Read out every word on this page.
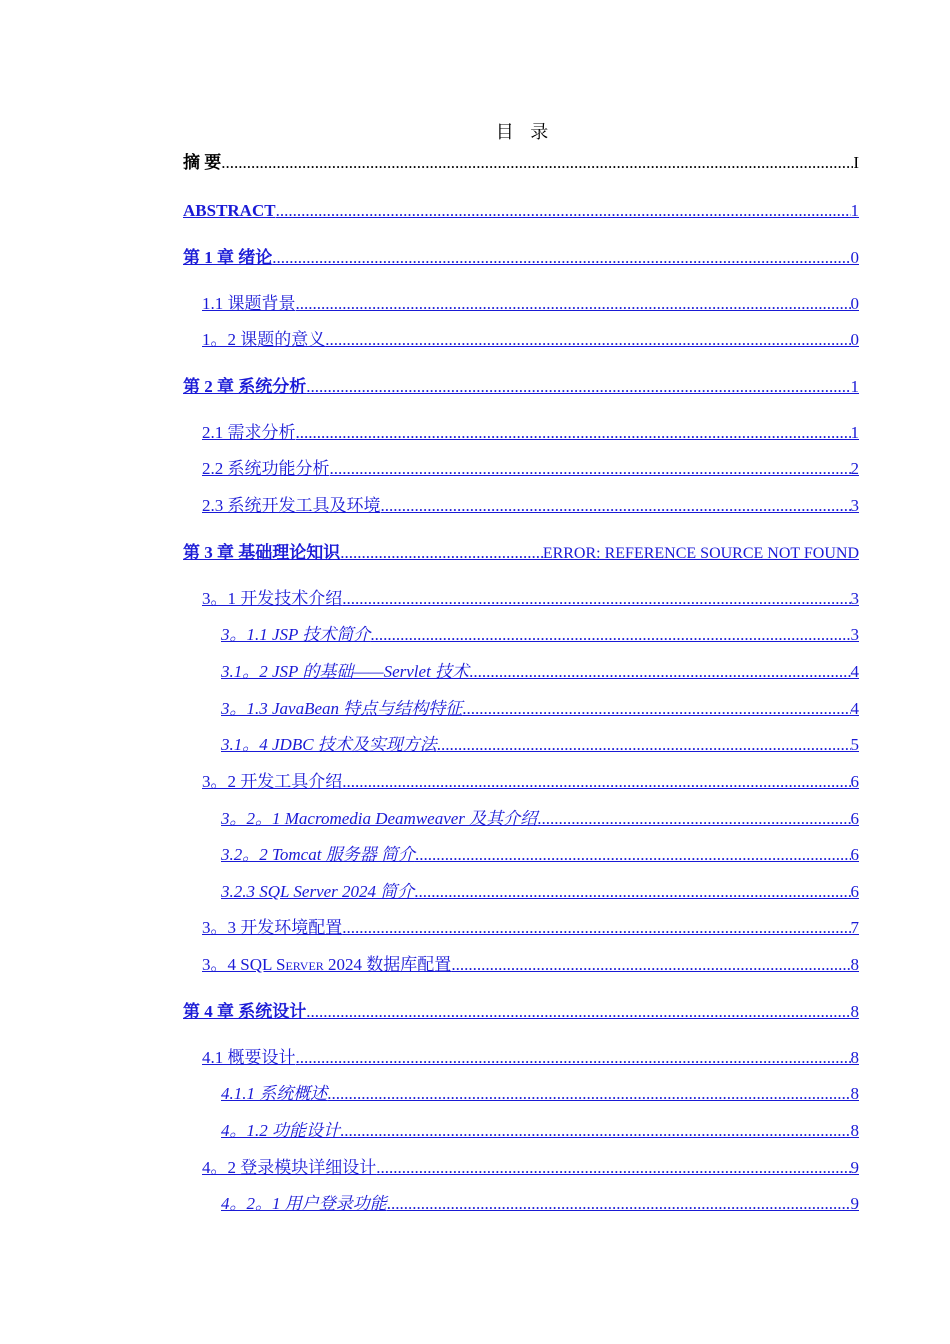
目 录
摘 要 .....	I
ABSTRACT .....	1
第 1 章 绪论 .....	0
1.1 课题背景 .....	0
1。2 课题的意义 .....	0
第 2 章 系统分析 .....	1
2.1 需求分析 .....	1
2.2 系统功能分析 .....	2
2.3 系统开发工具及环境 .....	3
第 3 章 基础理论知识 .....	ERROR: REFERENCE SOURCE NOT FOUND
3。1 开发技术介绍 .....	3
3。1.1 JSP 技术简介 .....	3
3.1。2 JSP 的基础——Servlet 技术 .....	4
3。1.3 JavaBean 特点与结构特征 .....	4
3.1。4 JDBC 技术及实现方法 .....	5
3。2 开发工具介绍 .....	6
3。2。1 Macromedia Deamweaver 及其介绍 .....	6
3.2。2 Tomcat 服务器 简介 .....	6
3.2.3 SQL Server 2024 简介 .....	6
3。3 开发环境配置 .....	7
3。4 SQL Server 2024 数据库配置 .....	8
第 4 章 系统设计 .....	8
4.1 概要设计 .....	8
4.1.1 系统概述 .....	8
4。1.2 功能设计 .....	8
4。2 登录模块详细设计 .....	9
4。2。1 用户登录功能 .....	9
